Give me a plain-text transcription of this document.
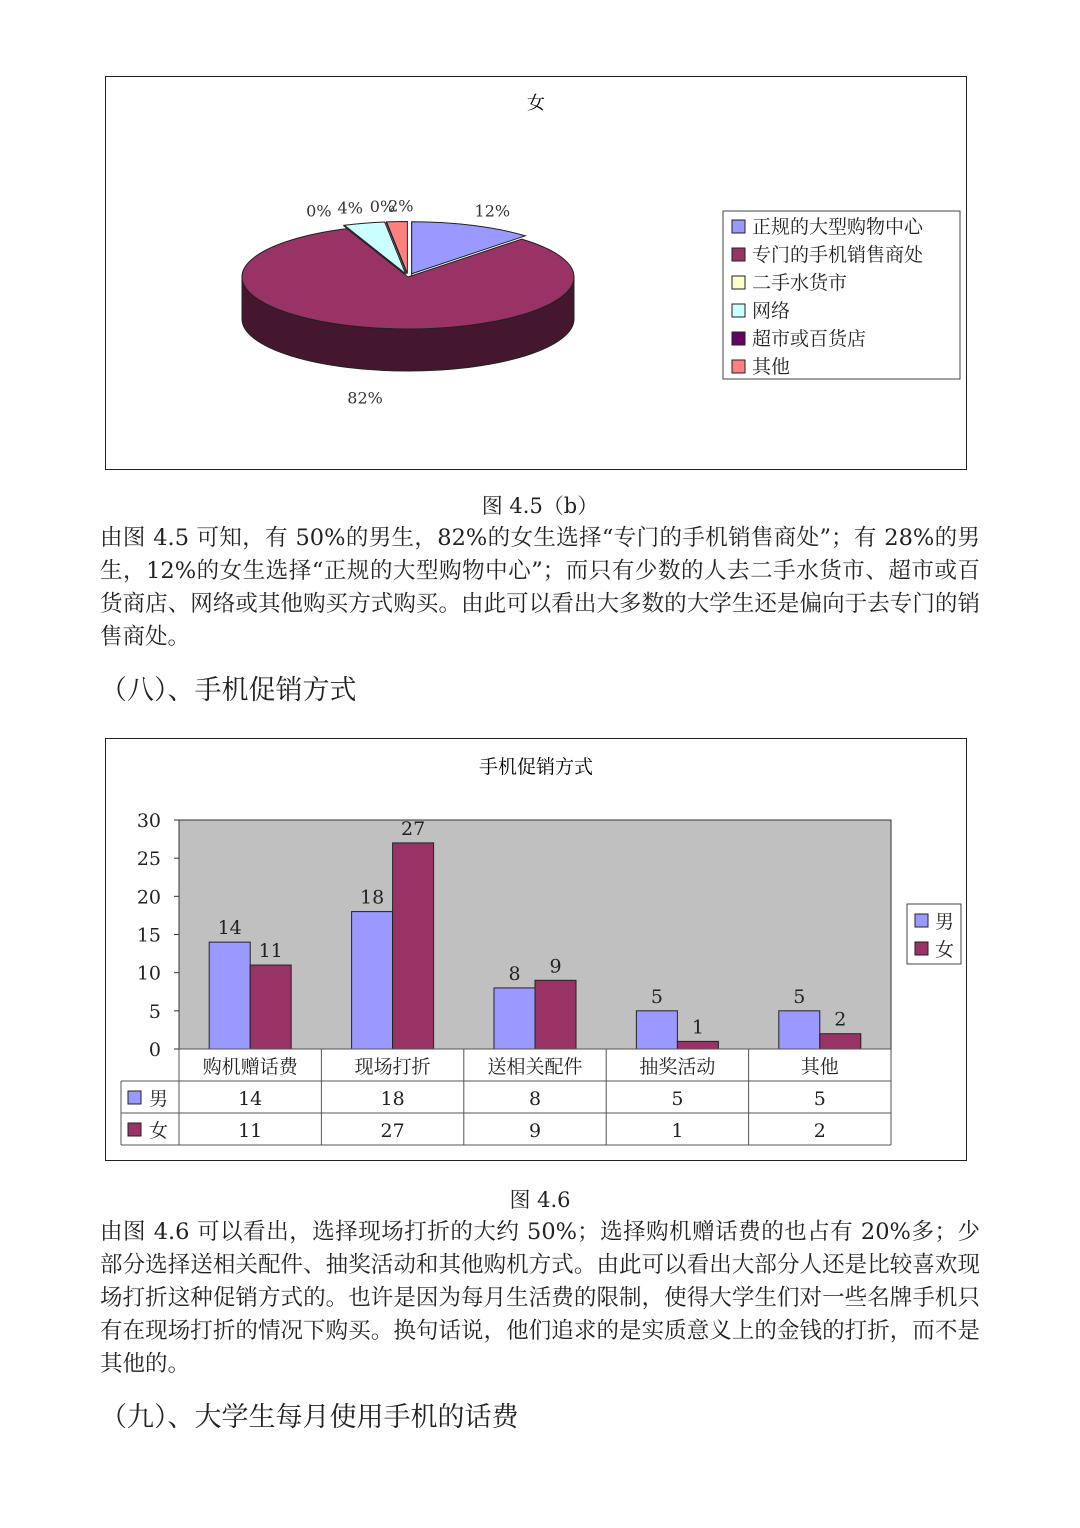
女
12%
82%
0% 4% 0%
2%
正规的大型购物中心
专门的手机销售商处
二手水货市
网络
超市或百货店
其他
图 4.5（b）

由图 4.5 可知，有 50%的男生，82%的女生选择“专门的手机销售商处”；有 28%的男生，12%的女生选择“正规的大型购物中心”；而只有少数的人去二手水货市、超市或百货商店、网络或其他购买方式购买。由此可以看出大多数的大学生还是偏向于去专门的销售商处。

（八）、手机促销方式
手机促销方式
0
5
10
15
20
25
30
14
11
18
27
8 9
5
1
5
2
购机赠话费	现场打折	送相关配件	抽奖活动	其他
男	14	18	8	5	5
女	11	27	9	1	2
男
女
图 4.6

由图 4.6 可以看出，选择现场打折的大约 50%；选择购机赠话费的也占有 20%多；少部分选择送相关配件、抽奖活动和其他购机方式。由此可以看出大部分人还是比较喜欢现场打折这种促销方式的。也许是因为每月生活费的限制，使得大学生们对一些名牌手机只有在现场打折的情况下购买。换句话说，他们追求的是实质意义上的金钱的打折，而不是其他的。

（九）、大学生每月使用手机的话费
